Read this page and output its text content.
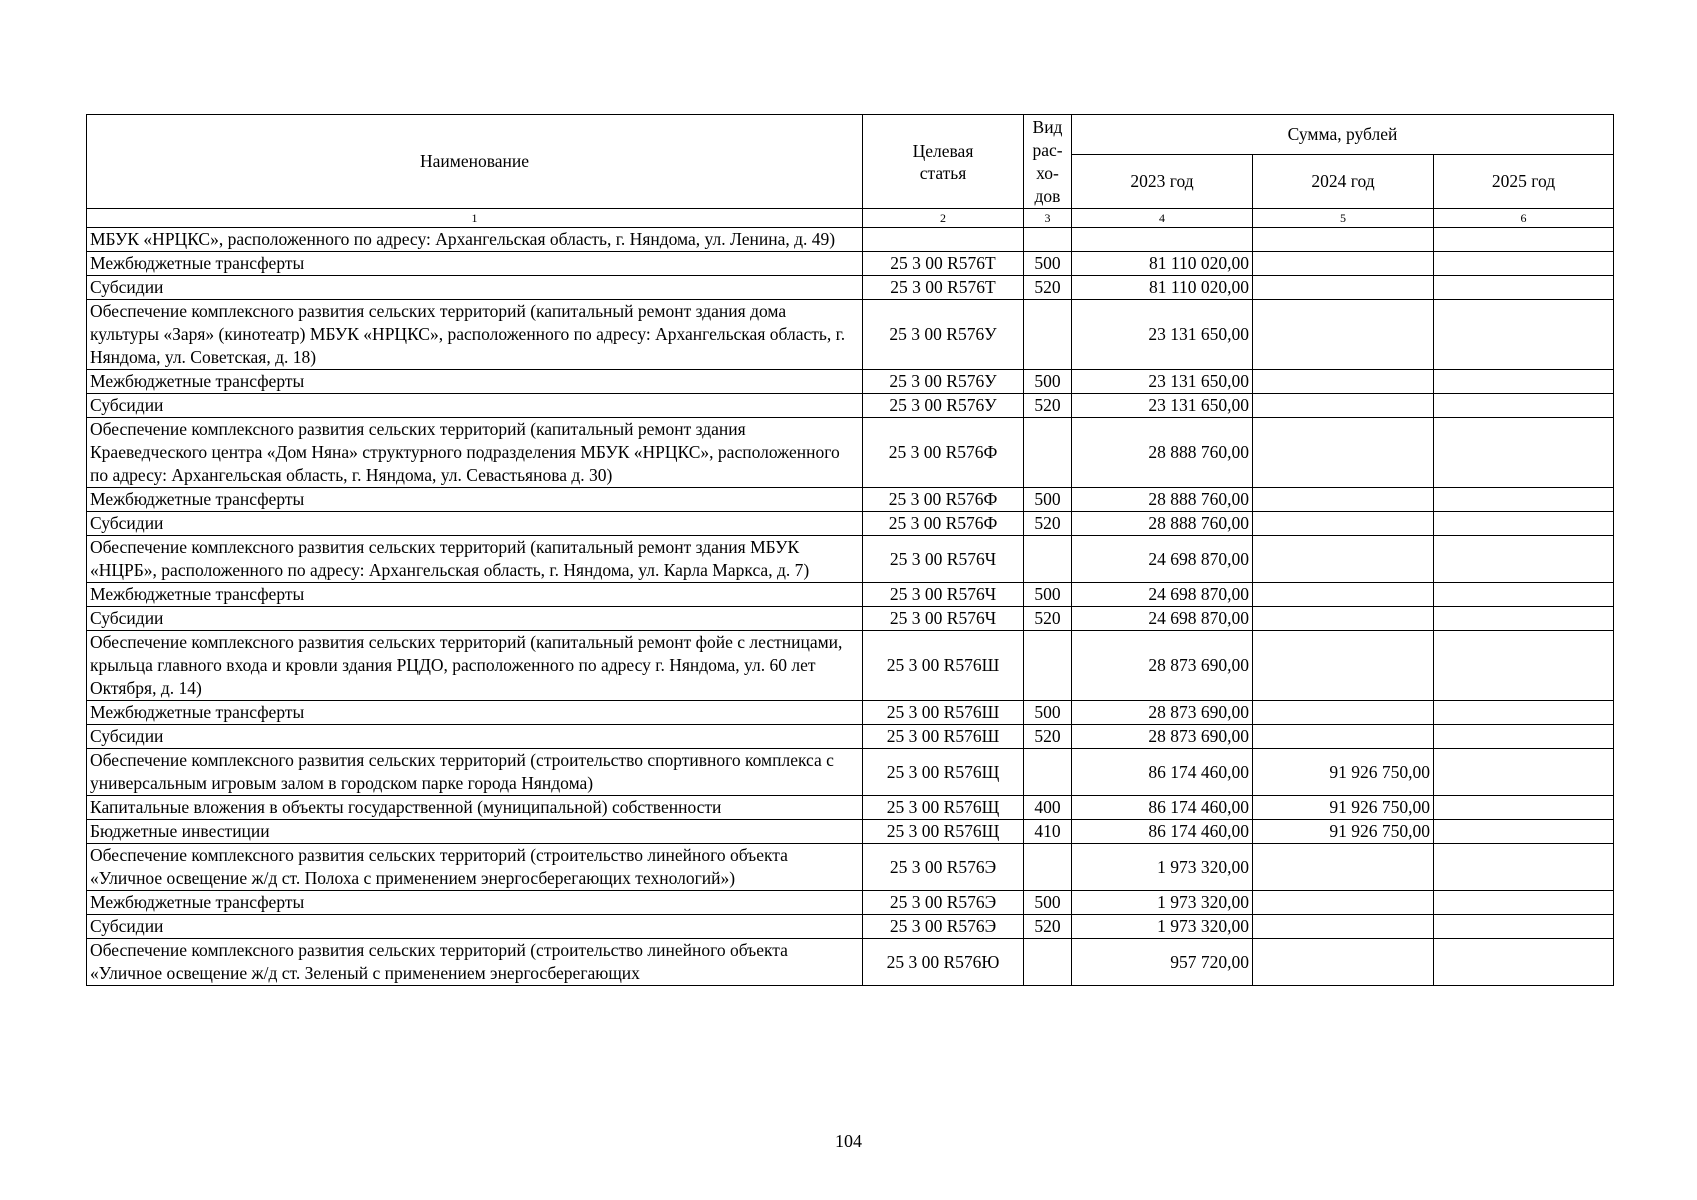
Наименование	Целевая статья	Вид
рас-
хо-
дов	Сумма, рублей		
			2023 год	2024 год	2025 год
1	2	3	4	5	6
МБУК «НРЦКС», расположенного по адресу: Архангельская область, г. Няндома, ул. Ленина, д. 49)					
Межбюджетные трансферты	25 3 00 R576Т	500	81 110 020,00		
Субсидии	25 3 00 R576Т	520	81 110 020,00		
Обеспечение комплексного развития сельских территорий (капитальный ремонт здания дома культуры «Заря» (кинотеатр) МБУК «НРЦКС», расположенного по адресу: Архангельская область, г. Няндома, ул. Советская, д. 18)	25 3 00 R576У		23 131 650,00		
Межбюджетные трансферты	25 3 00 R576У	500	23 131 650,00		
Субсидии	25 3 00 R576У	520	23 131 650,00		
Обеспечение комплексного развития сельских территорий (капитальный ремонт здания Краеведческого центра «Дом Няна» структурного подразделения МБУК «НРЦКС», расположенного по адресу: Архангельская область, г. Няндома, ул. Севастьянова д. 30)	25 3 00 R576Ф		28 888 760,00		
Межбюджетные трансферты	25 3 00 R576Ф	500	28 888 760,00		
Субсидии	25 3 00 R576Ф	520	28 888 760,00		
Обеспечение комплексного развития сельских территорий (капитальный ремонт здания МБУК «НЦРБ», расположенного по адресу: Архангельская область, г. Няндома, ул. Карла Маркса, д. 7)	25 3 00 R576Ч		24 698 870,00		
Межбюджетные трансферты	25 3 00 R576Ч	500	24 698 870,00		
Субсидии	25 3 00 R576Ч	520	24 698 870,00		
Обеспечение комплексного развития сельских территорий (капитальный ремонт фойе с лестницами, крыльца главного входа и кровли здания РЦДО, расположенного по адресу г. Няндома, ул. 60 лет Октября, д. 14)	25 3 00 R576Ш		28 873 690,00		
Межбюджетные трансферты	25 3 00 R576Ш	500	28 873 690,00		
Субсидии	25 3 00 R576Ш	520	28 873 690,00		
Обеспечение комплексного развития сельских территорий (строительство спортивного комплекса с универсальным игровым залом в городском парке города Няндома)	25 3 00 R576Щ		86 174 460,00	91 926 750,00	
Капитальные вложения в объекты государственной (муниципальной) собственности	25 3 00 R576Щ	400	86 174 460,00	91 926 750,00	
Бюджетные инвестиции	25 3 00 R576Щ	410	86 174 460,00	91 926 750,00	
Обеспечение комплексного развития сельских территорий (строительство линейного объекта «Уличное освещение ж/д ст. Полоха с применением энергосберегающих технологий»)	25 3 00 R576Э		1 973 320,00		
Межбюджетные трансферты	25 3 00 R576Э	500	1 973 320,00		
Субсидии	25 3 00 R576Э	520	1 973 320,00		
Обеспечение комплексного развития сельских территорий (строительство линейного объекта «Уличное освещение ж/д ст. Зеленый с применением энергосберегающих	25 3 00 R576Ю		957 720,00		
104
